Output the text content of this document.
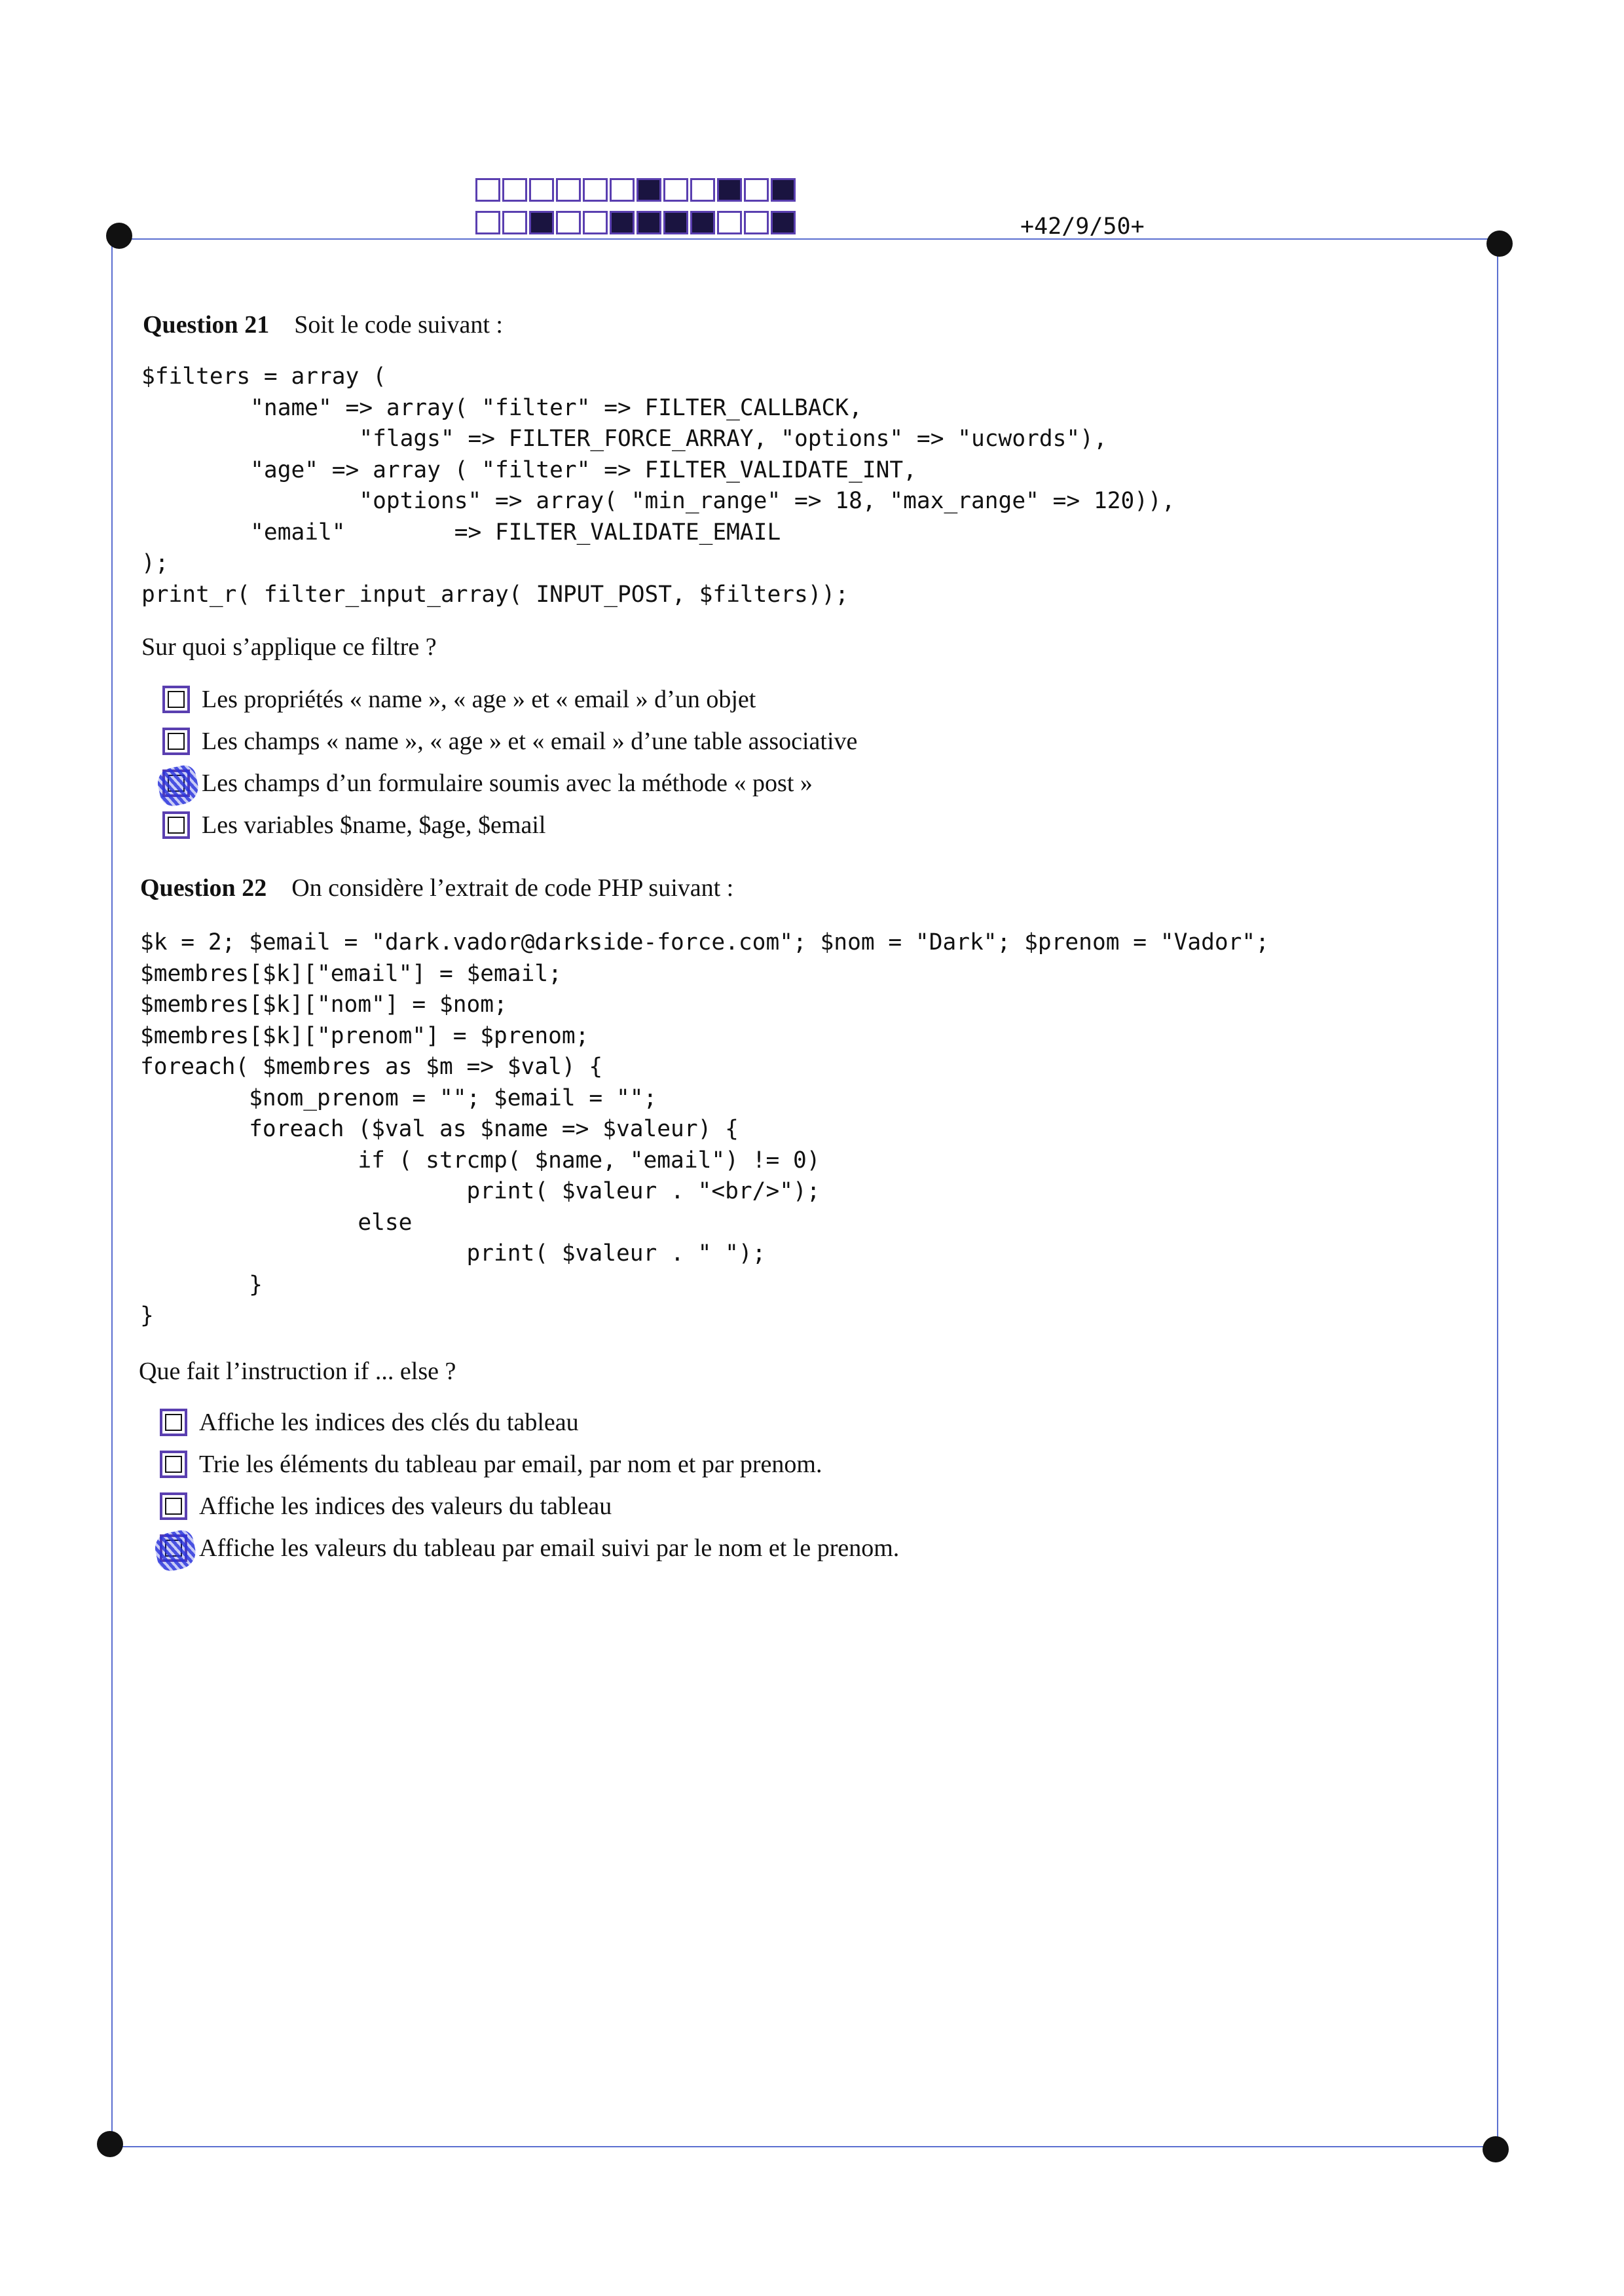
+42/9/50+
Question 21 Soit le code suivant :
$filters = array (
"name" => array( "filter" => FILTER_CALLBACK,
"flags" => FILTER_FORCE_ARRAY, "options" => "ucwords"),
"age" => array ( "filter" => FILTER_VALIDATE_INT,
"options" => array( "min_range" => 18, "max_range" => 120)),
"email"        => FILTER_VALIDATE_EMAIL
);
print_r( filter_input_array( INPUT_POST, $filters));
Sur quoi s’applique ce filtre ?
Les propriétés « name », « age » et « email » d’un objet
Les champs « name », « age » et « email » d’une table associative
Les champs d’un formulaire soumis avec la méthode « post »
Les variables $name, $age, $email
Question 22 On considère l’extrait de code PHP suivant :
$k = 2; $email = "dark.vador@darkside-force.com"; $nom = "Dark"; $prenom = "Vador";
$membres[$k]["email"] = $email;
$membres[$k]["nom"] = $nom;
$membres[$k]["prenom"] = $prenom;
foreach( $membres as $m => $val) {
$nom_prenom = ""; $email = "";
foreach ($val as $name => $valeur) {
if ( strcmp( $name, "email") != 0)
print( $valeur . "<br/>");
else
print( $valeur . " ");
}
}
Que fait l’instruction if ... else ?
Affiche les indices des clés du tableau
Trie les éléments du tableau par email, par nom et par prenom.
Affiche les indices des valeurs du tableau
Affiche les valeurs du tableau par email suivi par le nom et le prenom.
